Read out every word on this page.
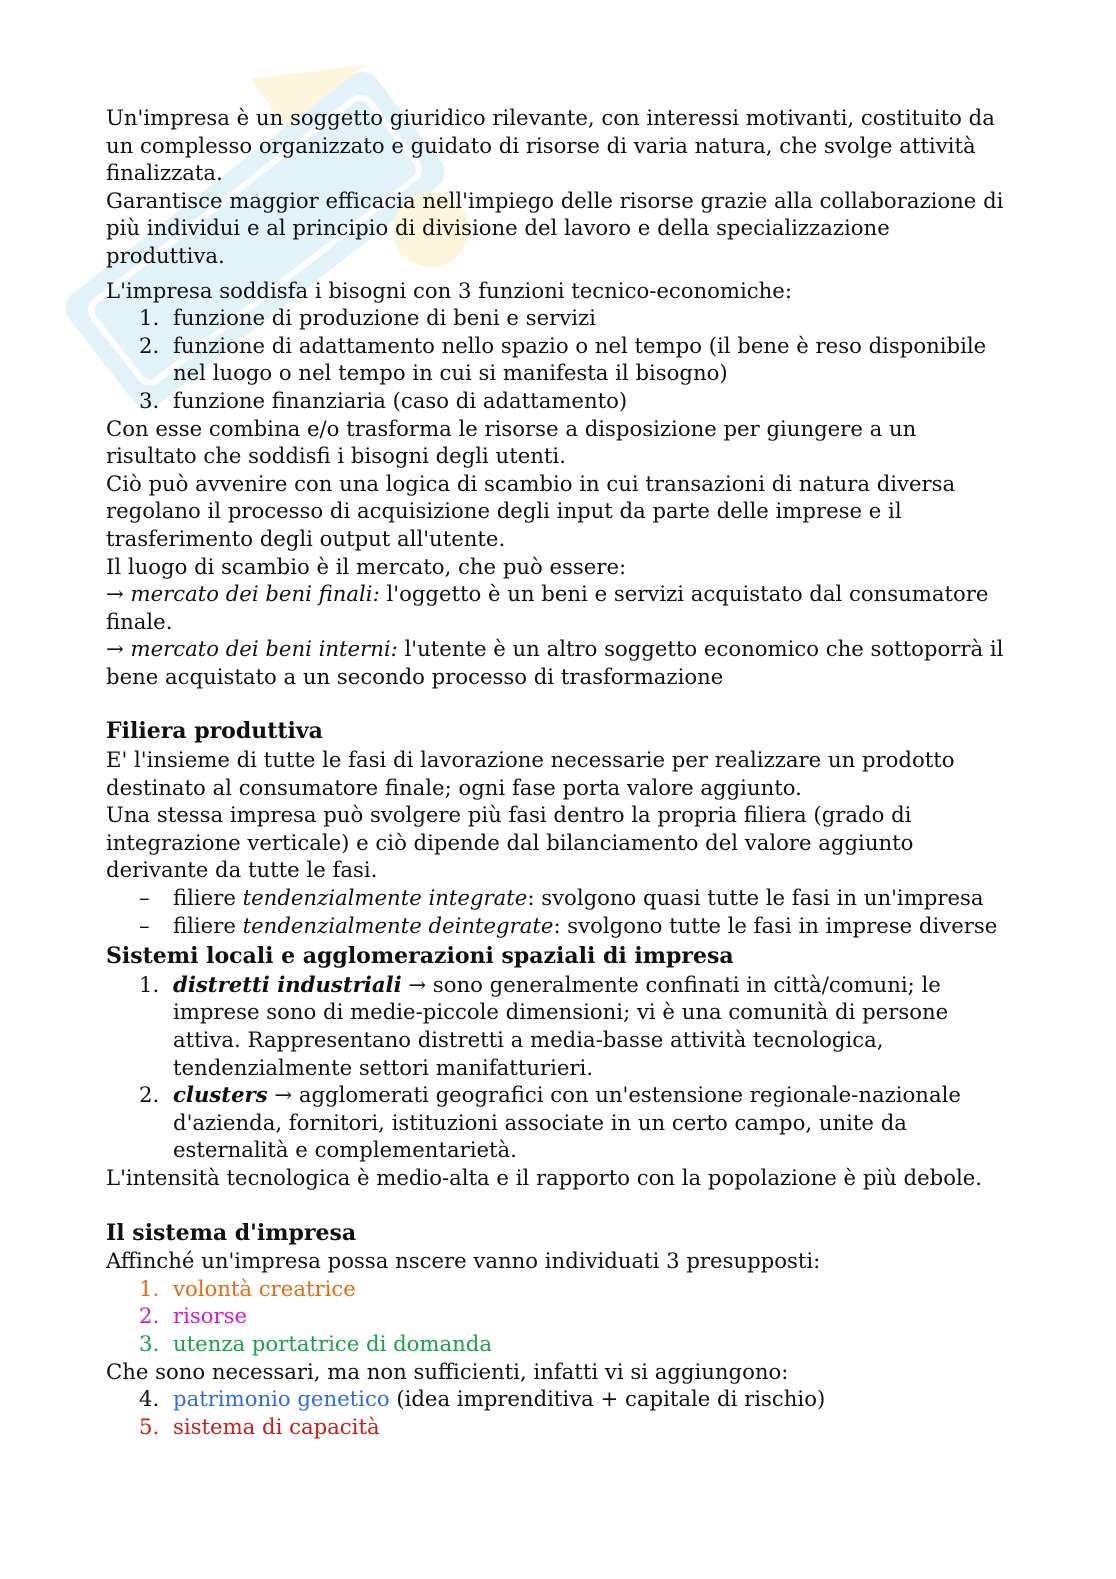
Un'impresa è un soggetto giuridico rilevante, con interessi motivanti, costituito da un complesso organizzato e guidato di risorse di varia natura, che svolge attività finalizzata.

Garantisce maggior efficacia nell'impiego delle risorse grazie alla collaborazione di più individui e al principio di divisione del lavoro e della specializzazione produttiva.

L'impresa soddisfa i bisogni con 3 funzioni tecnico-economiche:

1. funzione di produzione di beni e servizi
2. funzione di adattamento nello spazio o nel tempo (il bene è reso disponibile nel luogo o nel tempo in cui si manifesta il bisogno)
3. funzione finanziaria (caso di adattamento)

Con esse combina e/o trasforma le risorse a disposizione per giungere a un risultato che soddisfi i bisogni degli utenti.

Ciò può avvenire con una logica di scambio in cui transazioni di natura diversa regolano il processo di acquisizione degli input da parte delle imprese e il trasferimento degli output all'utente.

Il luogo di scambio è il mercato, che può essere:

→ mercato dei beni finali: l'oggetto è un beni e servizi acquistato dal consumatore finale.

→ mercato dei beni interni: l'utente è un altro soggetto economico che sottoporrà il bene acquistato a un secondo processo di trasformazione

Filiera produttiva

E' l'insieme di tutte le fasi di lavorazione necessarie per realizzare un prodotto destinato al consumatore finale; ogni fase porta valore aggiunto.

Una stessa impresa può svolgere più fasi dentro la propria filiera (grado di integrazione verticale) e ciò dipende dal bilanciamento del valore aggiunto derivante da tutte le fasi.

– filiere tendenzialmente integrate: svolgono quasi tutte le fasi in un'impresa
– filiere tendenzialmente deintegrate: svolgono tutte le fasi in imprese diverse
Sistemi locali e agglomerazioni spaziali di impresa
1. distretti industriali → sono generalmente confinati in città/comuni; le imprese sono di medie-piccole dimensioni; vi è una comunità di persone attiva. Rappresentano distretti a media-basse attività tecnologica, tendenzialmente settori manifatturieri.
2. clusters → agglomerati geografici con un'estensione regionale-nazionale d'azienda, fornitori, istituzioni associate in un certo campo, unite da esternalità e complementarietà.

L'intensità tecnologica è medio-alta e il rapporto con la popolazione è più debole.

Il sistema d'impresa

Affinché un'impresa possa nscere vanno individuati 3 presupposti:

1. volontà creatrice
2. risorse
3. utenza portatrice di domanda

Che sono necessari, ma non sufficienti, infatti vi si aggiungono:

4. patrimonio genetico (idea imprenditiva + capitale di rischio)
5. sistema di capacità
